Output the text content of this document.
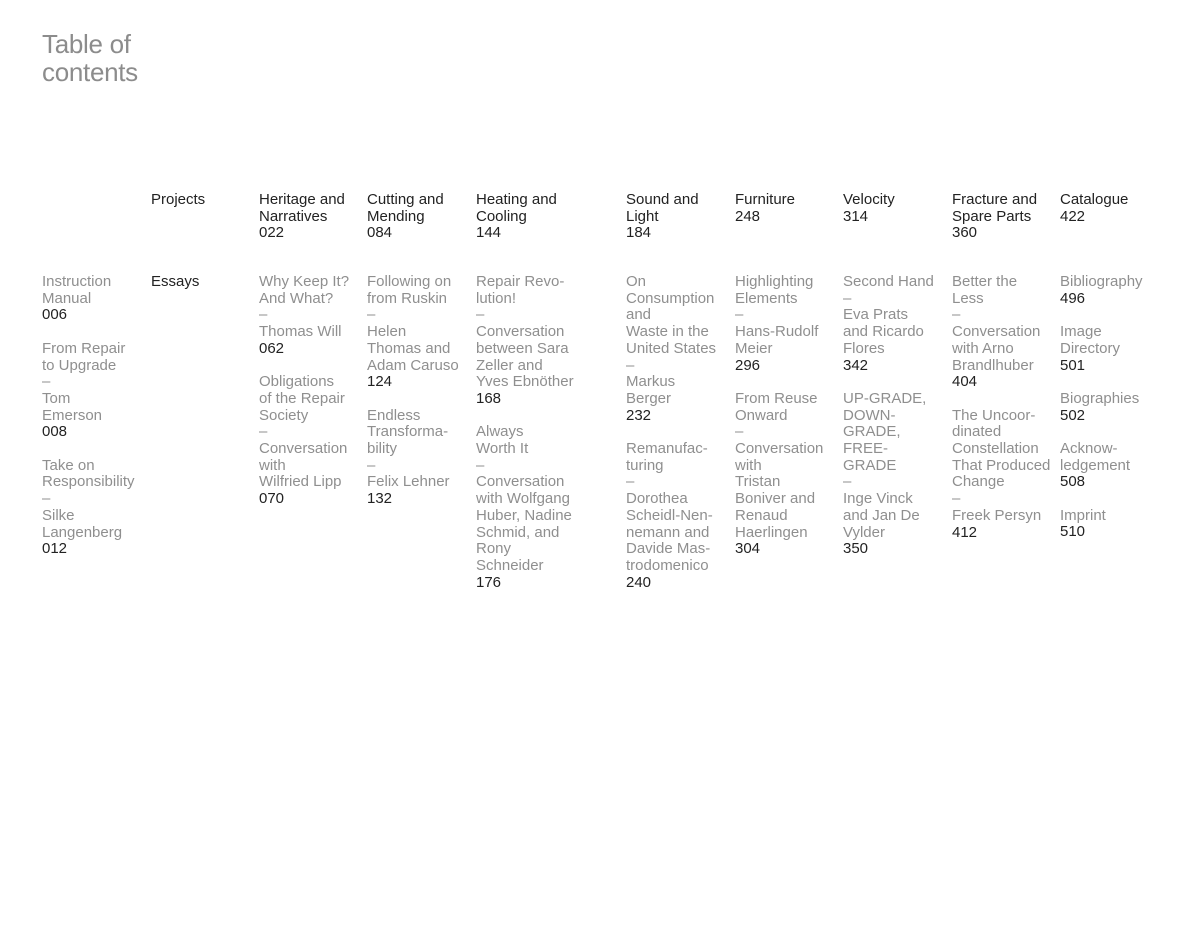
Table of
contents
Projects	Heritage and
Narratives
022
Cutting and
Mending
084
Heating and
Cooling
144
Sound and
Light
184
Furniture
248
Velocity
314
Fracture and
Spare Parts
360
Catalogue
422
Essays
Instruction
Manual
006
From Repair
to Upgrade
–
Tom
Emerson
008
Take on
Responsibility
–
Silke
Langenberg
012
Why Keep It?
And What?
–
Thomas Will
062
Obligations
of the Repair
Society
–
Conversation
with
Wilfried Lipp
070
Following on
from Ruskin
–
Helen
Thomas and
Adam Caruso
124
Endless
Transforma-
bility
–
Felix Lehner
132
Repair Revo-
lution!
–
Conversation
between Sara
Zeller and
Yves Ebnöther
168
Always
Worth It
–
Conversation
with Wolfgang
Huber, Nadine
Schmid, and
Rony
Schneider
176
On
Consumption
and
Waste in the
United States
–
Markus
Berger
232
Remanufac-
turing
–
Dorothea
Scheidl-Nen-
nemann and
Davide Mas-
trodomenico
240
Highlighting
Elements
–
Hans-Rudolf
Meier
296
From Reuse
Onward
–
Conversation
with
Tristan
Boniver and
Renaud
Haerlingen
304
Second Hand
–
Eva Prats
and Ricardo
Flores
342
UP-GRADE,
DOWN-
GRADE,
FREE-
GRADE
–
Inge Vinck
and Jan De
Vylder
350
Better the
Less
–
Conversation
with Arno
Brandlhuber
404
The Uncoor-
dinated
Constellation
That Produced
Change
–
Freek Persyn
412
Bibliography
496
Image
Directory
501
Biographies
502
Acknow-
ledgement
508
Imprint
510
